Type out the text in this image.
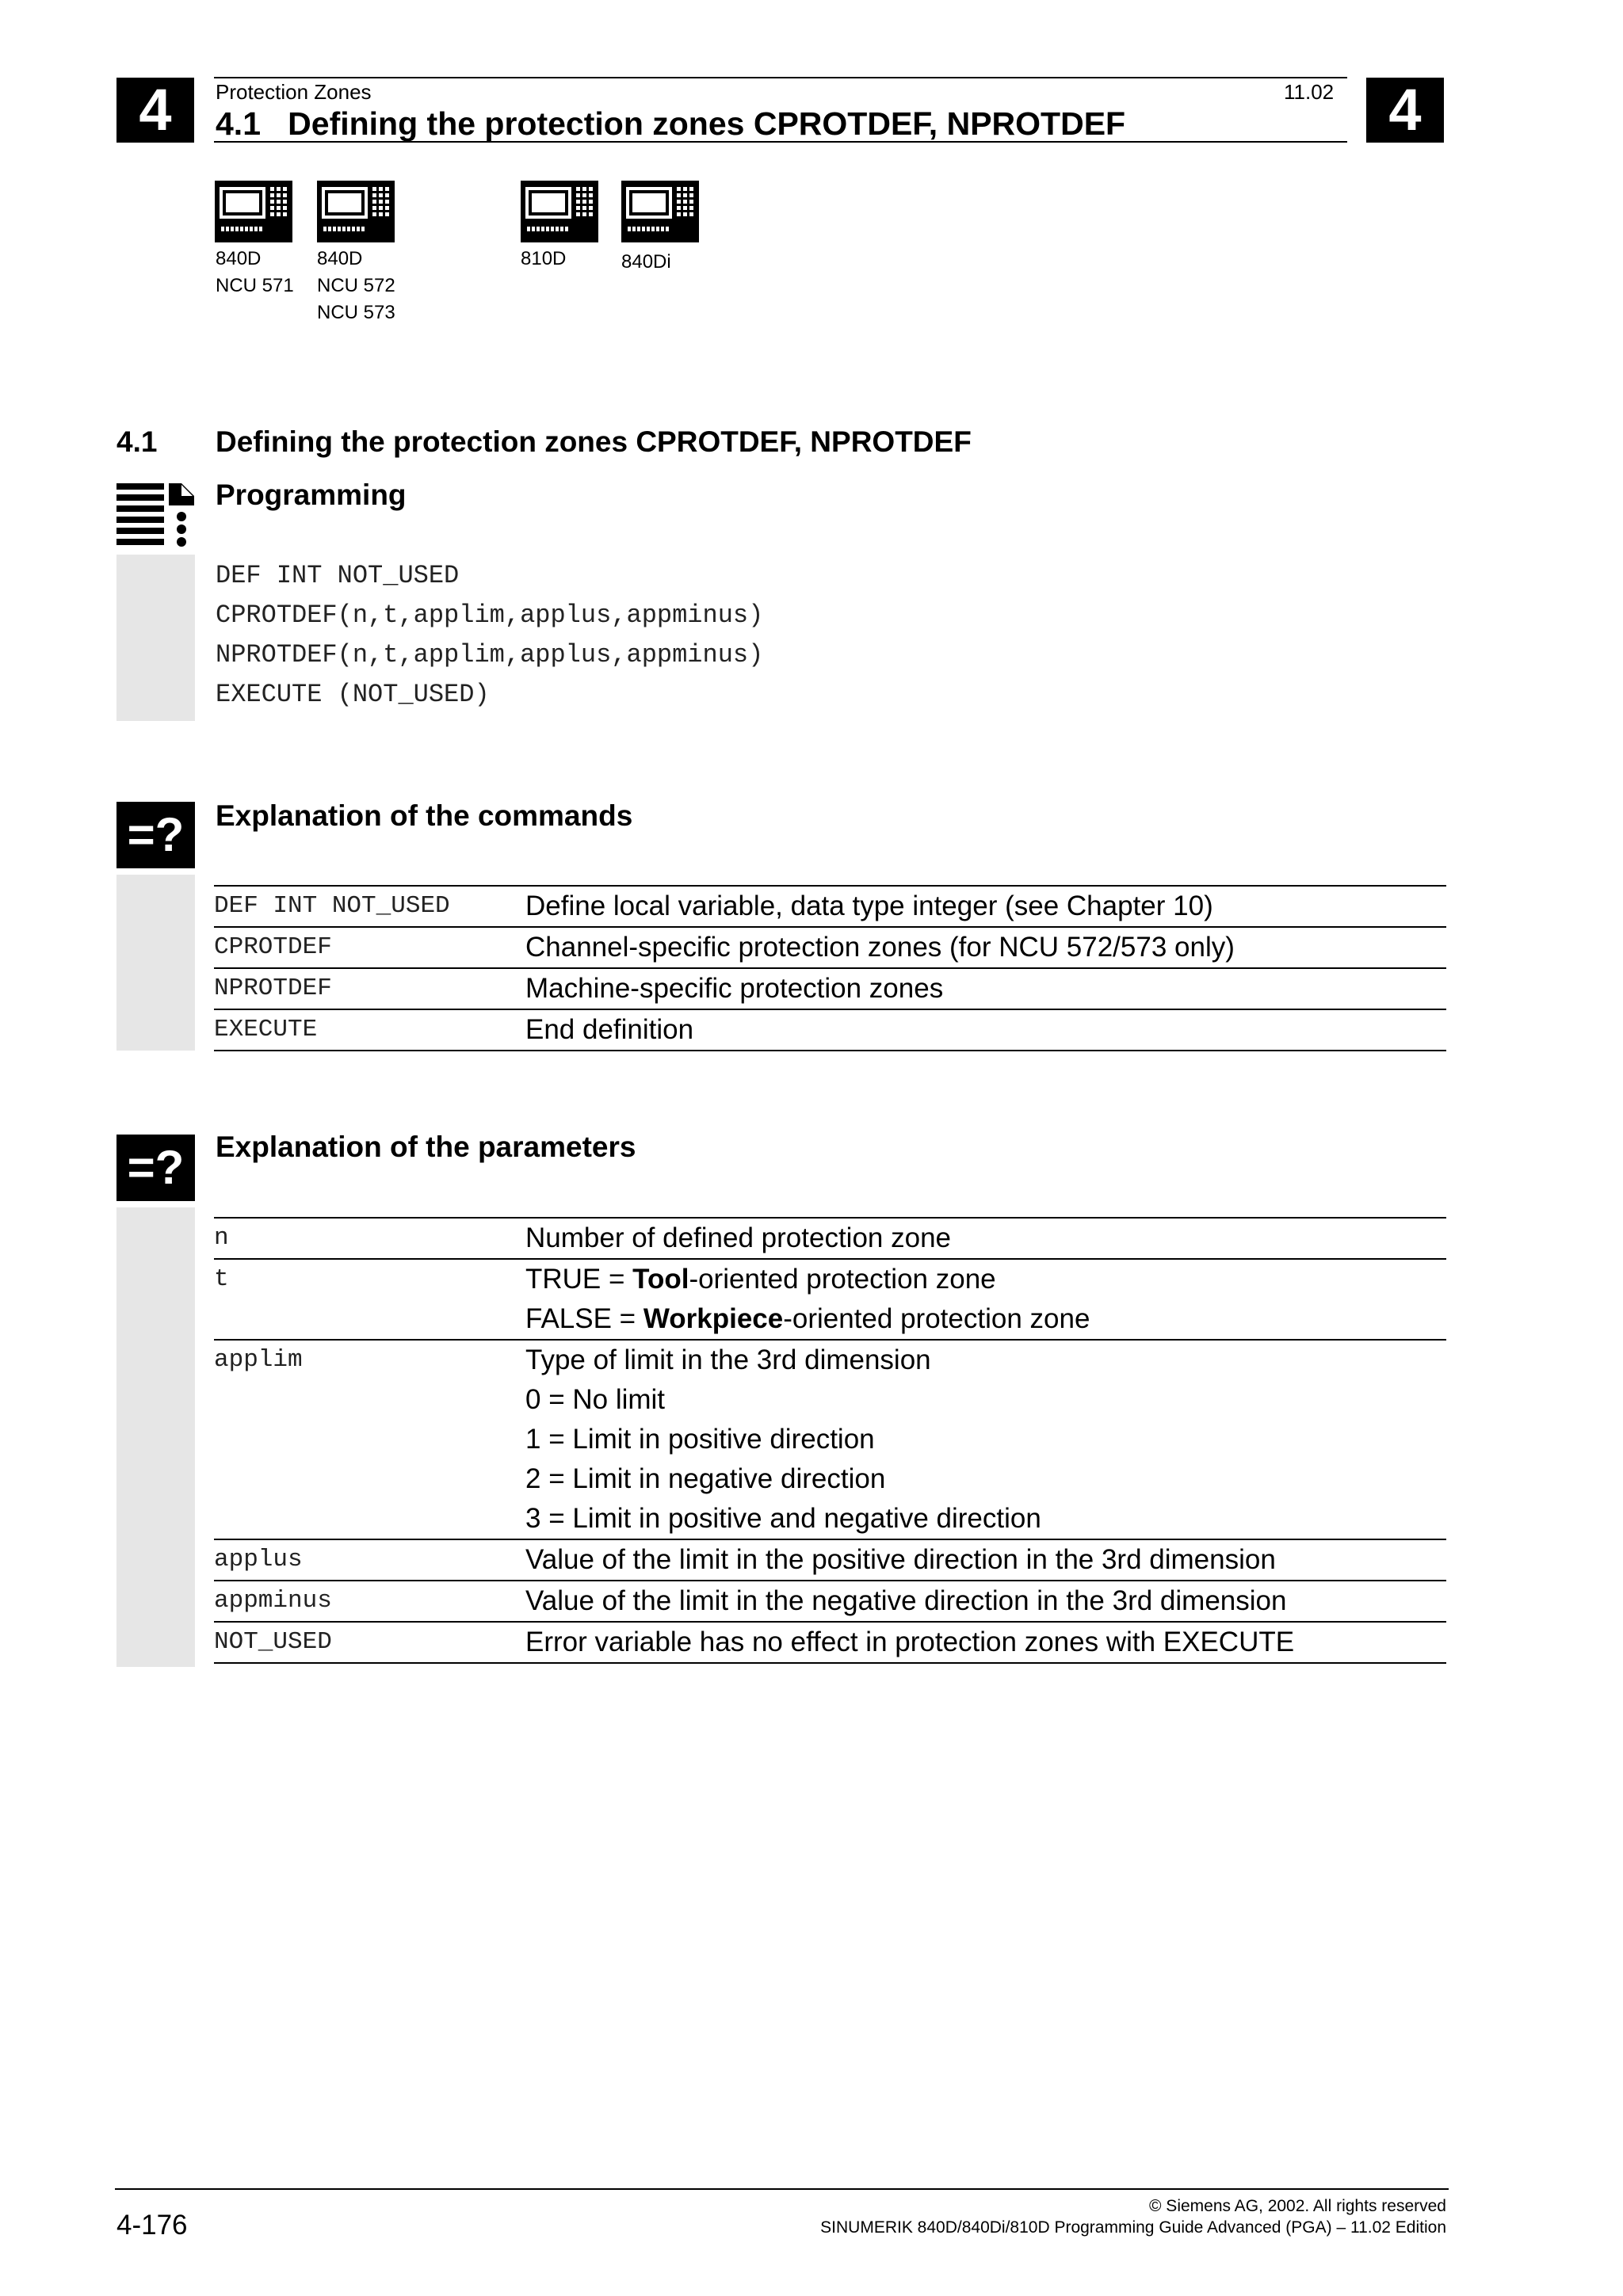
4	4
Protection Zones	11.02
4.1   Defining the protection zones CPROTDEF, NPROTDEF
840D
NCU 571
840D
NCU 572
NCU 573
810D	840Di
4.1 Defining the protection zones CPROTDEF, NPROTDEF
Programming
DEF INT NOT_USED
CPROTDEF(n,t,applim,applus,appminus)
NPROTDEF(n,t,applim,applus,appminus)
EXECUTE (NOT_USED)
=?	Explanation of the commands
DEF INT NOT_USED	Define local variable, data type integer (see Chapter 10)
CPROTDEF	Channel-specific protection zones (for NCU 572/573 only)
NPROTDEF	Machine-specific protection zones
EXECUTE	End definition
=?	Explanation of the parameters
n	Number of defined protection zone
t	TRUE = Tool-oriented protection zone
FALSE = Workpiece-oriented protection zone

applim	Type of limit in the 3rd dimension
0 = No limit
1 = Limit in positive direction
2 = Limit in negative direction
3 = Limit in positive and negative direction

applus	Value of the limit in the positive direction in the 3rd dimension
appminus	Value of the limit in the negative direction in the 3rd dimension
NOT_USED	Error variable has no effect in protection zones with EXECUTE
4-176
© Siemens AG, 2002. All rights reserved
SINUMERIK 840D/840Di/810D Programming Guide Advanced (PGA) – 11.02 Edition
